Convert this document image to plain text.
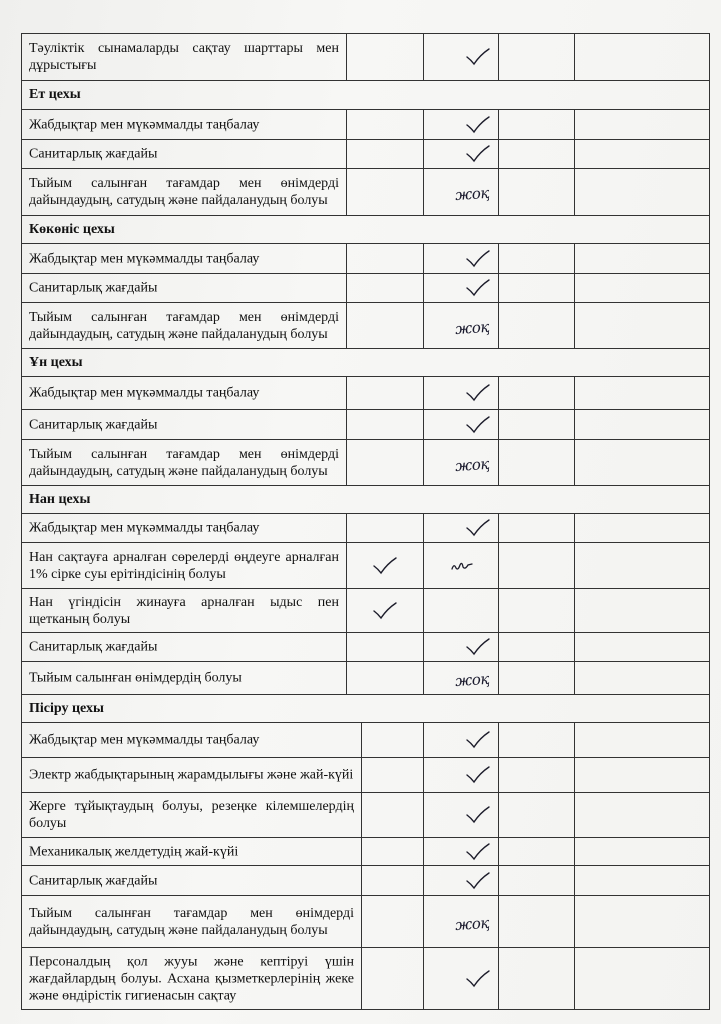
Тәуліктік сынамаларды сақтау шарттары мен дұрыстығы
Ет цехы
Жабдықтар мен мүкәммалды таңбалау
Санитарлық жағдайы
Тыйым салынған тағамдар мен өнімдерді дайындаудың, сатудың және пайдаланудың болуы	жоқ
Көкөніс цехы
Жабдықтар мен мүкәммалды таңбалау
Санитарлық жағдайы
Тыйым салынған тағамдар мен өнімдерді дайындаудың, сатудың және пайдаланудың болуы	жоқ
Ұн цехы
Жабдықтар мен мүкәммалды таңбалау
Санитарлық жағдайы
Тыйым салынған тағамдар мен өнімдерді дайындаудың, сатудың және пайдаланудың болуы	жоқ
Нан цехы
Жабдықтар мен мүкәммалды таңбалау
Нан сақтауға арналған сөрелерді өңдеуге арналған 1% сірке суы ерітіндісінің болуы
Нан үгіндісін жинауға арналған ыдыс пен щетканың болуы
Санитарлық жағдайы
Тыйым салынған өнімдердің болуы	жоқ
Пісіру цехы
Жабдықтар мен мүкәммалды таңбалау
Электр жабдықтарының жарамдылығы және жай-күйі
Жерге тұйықтаудың болуы, резеңке кілемшелердің болуы
Механикалық желдетудің жай-күйі
Санитарлық жағдайы
Тыйым салынған тағамдар мен өнімдерді дайындаудың, сатудың және пайдаланудың болуы	жоқ
Персоналдың қол жууы және кептіруі үшін жағдайлардың болуы. Асхана қызметкерлерінің жеке және өндірістік гигиенасын сақтау
